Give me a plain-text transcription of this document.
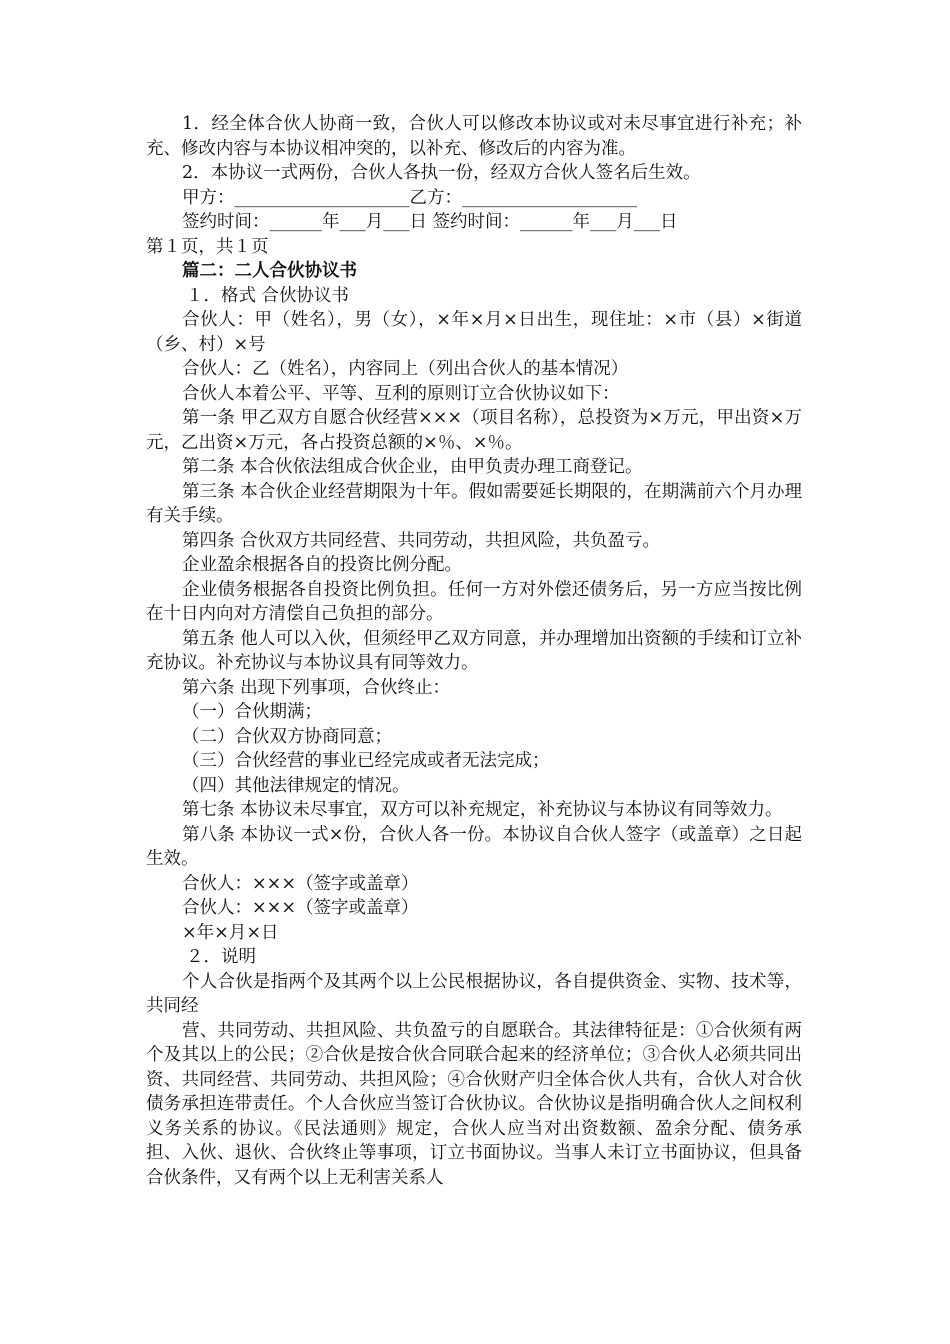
1．经全体合伙人协商一致，合伙人可以修改本协议或对未尽事宜进行补充；补充、修改内容与本协议相冲突的，以补充、修改后的内容为准。

2．本协议一式两份，合伙人各执一份，经双方合伙人签名后生效。

甲方：____________________乙方：____________________

签约时间：______年___月___日 签约时间：______年___月___日

第１页，共１页

篇二：二人合伙协议书

１．格式 合伙协议书

合伙人：甲（姓名），男（女），×年×月×日出生，现住址：×市（县）×街道（乡、村）×号

合伙人：乙（姓名），内容同上（列出合伙人的基本情况）

合伙人本着公平、平等、互利的原则订立合伙协议如下：

第一条 甲乙双方自愿合伙经营×××（项目名称），总投资为×万元，甲出资×万元，乙出资×万元，各占投资总额的×％、×％。

第二条 本合伙依法组成合伙企业，由甲负责办理工商登记。

第三条 本合伙企业经营期限为十年。假如需要延长期限的，在期满前六个月办理有关手续。

第四条 合伙双方共同经营、共同劳动，共担风险，共负盈亏。

企业盈余根据各自的投资比例分配。

企业债务根据各自投资比例负担。任何一方对外偿还债务后，另一方应当按比例在十日内向对方清偿自己负担的部分。

第五条 他人可以入伙，但须经甲乙双方同意，并办理增加出资额的手续和订立补充协议。补充协议与本协议具有同等效力。

第六条 出现下列事项，合伙终止：

（一）合伙期满；

（二）合伙双方协商同意；

（三）合伙经营的事业已经完成或者无法完成；

（四）其他法律规定的情况。

第七条 本协议未尽事宜，双方可以补充规定，补充协议与本协议有同等效力。

第八条 本协议一式×份，合伙人各一份。本协议自合伙人签字（或盖章）之日起生效。

合伙人：×××（签字或盖章）

合伙人：×××（签字或盖章）

×年×月×日

２．说明

个人合伙是指两个及其两个以上公民根据协议，各自提供资金、实物、技术等，共同经

营、共同劳动、共担风险、共负盈亏的自愿联合。其法律特征是：①合伙须有两个及其以上的公民；②合伙是按合伙合同联合起来的经济单位；③合伙人必须共同出资、共同经营、共同劳动、共担风险；④合伙财产归全体合伙人共有，合伙人对合伙债务承担连带责任。个人合伙应当签订合伙协议。合伙协议是指明确合伙人之间权利义务关系的协议。《民法通则》规定，合伙人应当对出资数额、盈余分配、债务承担、入伙、退伙、合伙终止等事项，订立书面协议。当事人未订立书面协议，但具备合伙条件，又有两个以上无利害关系人
